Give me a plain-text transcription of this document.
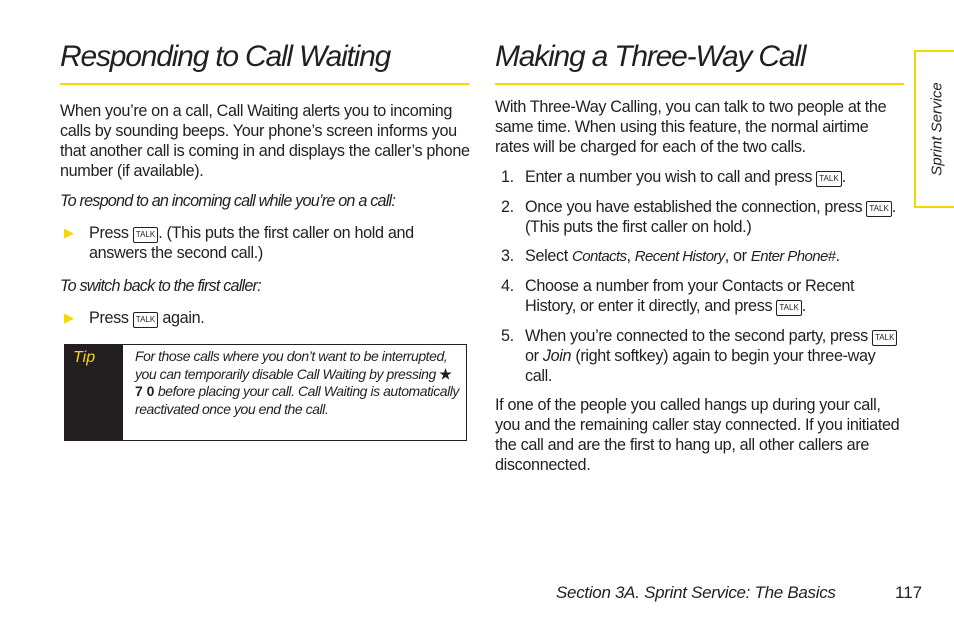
Responding to Call Waiting

When you’re on a call, Call Waiting alerts you to incoming calls by sounding beeps. Your phone’s screen informs you that another call is coming in and displays the caller’s phone number (if available).

To respond to an incoming call while you’re on a call:

▶ Press TALK . (This puts the first caller on hold and answers the second call.)

To switch back to the first caller:

▶ Press TALK again.

Tip	For those calls where you don’t want to be interrupted, you can temporarily disable Call Waiting by pressing ★ 7 0 before placing your call. Call Waiting is automatically reactivated once you end the call.
Making a Three-Way Call

With Three-Way Calling, you can talk to two people at the same time. When using this feature, the normal airtime rates will be charged for each of the two calls.

1. Enter a number you wish to call and press TALK .
2. Once you have established the connection, press TALK . (This puts the first caller on hold.)
3. Select Contacts, Recent History, or Enter Phone#.
4. Choose a number from your Contacts or Recent History, or enter it directly, and press TALK .
5. When you’re connected to the second party, press TALK or Join (right softkey) again to begin your three-way call.

If one of the people you called hangs up during your call, you and the remaining caller stay connected. If you initiated the call and are the first to hang up, all other callers are disconnected.

Sprint Service
Section 3A. Sprint Service: The Basics	117
